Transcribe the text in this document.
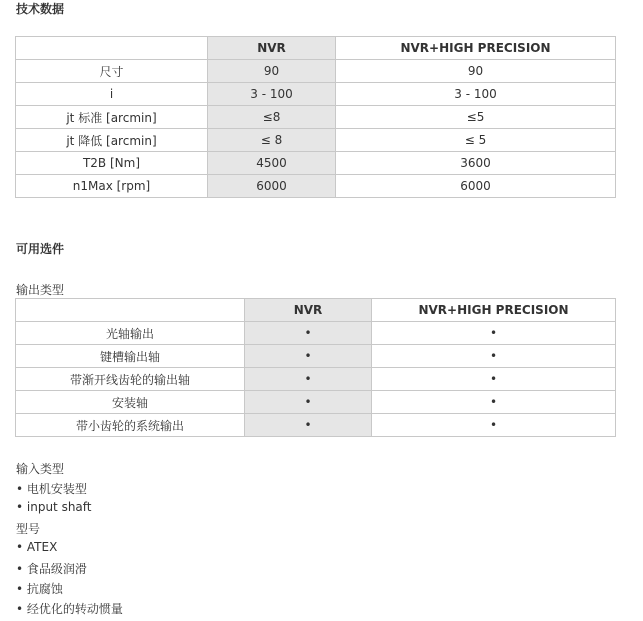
技术数据
	NVR	NVR+HIGH PRECISION
尺寸	90	90
i	3 - 100	3 - 100
jt 标准 [arcmin]	≤8	≤5
jt 降低 [arcmin]	≤ 8	≤ 5
T2B [Nm]	4500	3600
n1Max [rpm]	6000	6000
可用选件
输出类型
	NVR	NVR+HIGH PRECISION
光轴输出	•	•
键槽输出轴	•	•
带渐开线齿轮的输出轴	•	•
安装轴	•	•
带小齿轮的系统输出	•	•
输入类型
• 电机安装型
• input shaft
型号
• ATEX
• 食品级润滑
• 抗腐蚀
• 经优化的转动惯量
